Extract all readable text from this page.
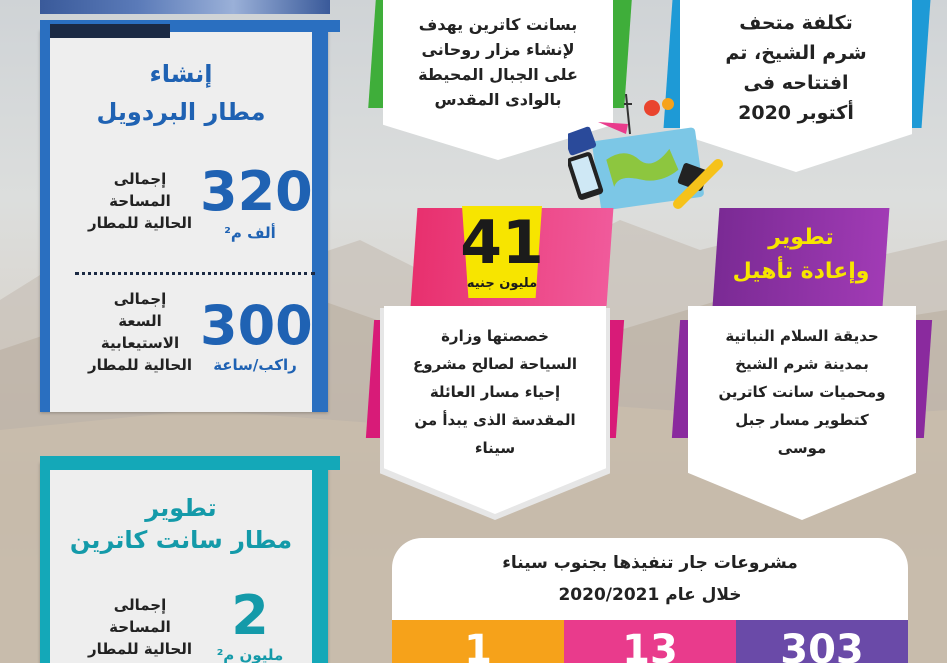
إنشاء
مطار البردويل
إجمالى
المساحة
الحالية للمطار 320
ألف م²
إجمالى
السعة
الاستيعابية
الحالية للمطار
300
راكب/ساعة
تطوير
مطار سانت كاترين
إجمالى
المساحة
الحالية للمطار
2
مليون م²
بسانت كاترين يهدف
لإنشاء مزار روحانى
على الجبال المحيطة
بالوادى المقدس
تكلفة متحف
شرم الشيخ، تم
افتتاحه فى
أكتوبر 2020
41
مليون جنيه
تطوير
وإعادة تأهيل
خصصتها وزارة
السياحة لصالح مشروع
إحياء مسار العائلة
المقدسة الذى يبدأ من
سيناء
حديقة السلام النباتية
بمدينة شرم الشيخ
ومحميات سانت كاترين
كتطوير مسار جبل
موسى
مشروعات جار تنفيذها بجنوب سيناء
خلال عام 2020/2021
1	13	303
